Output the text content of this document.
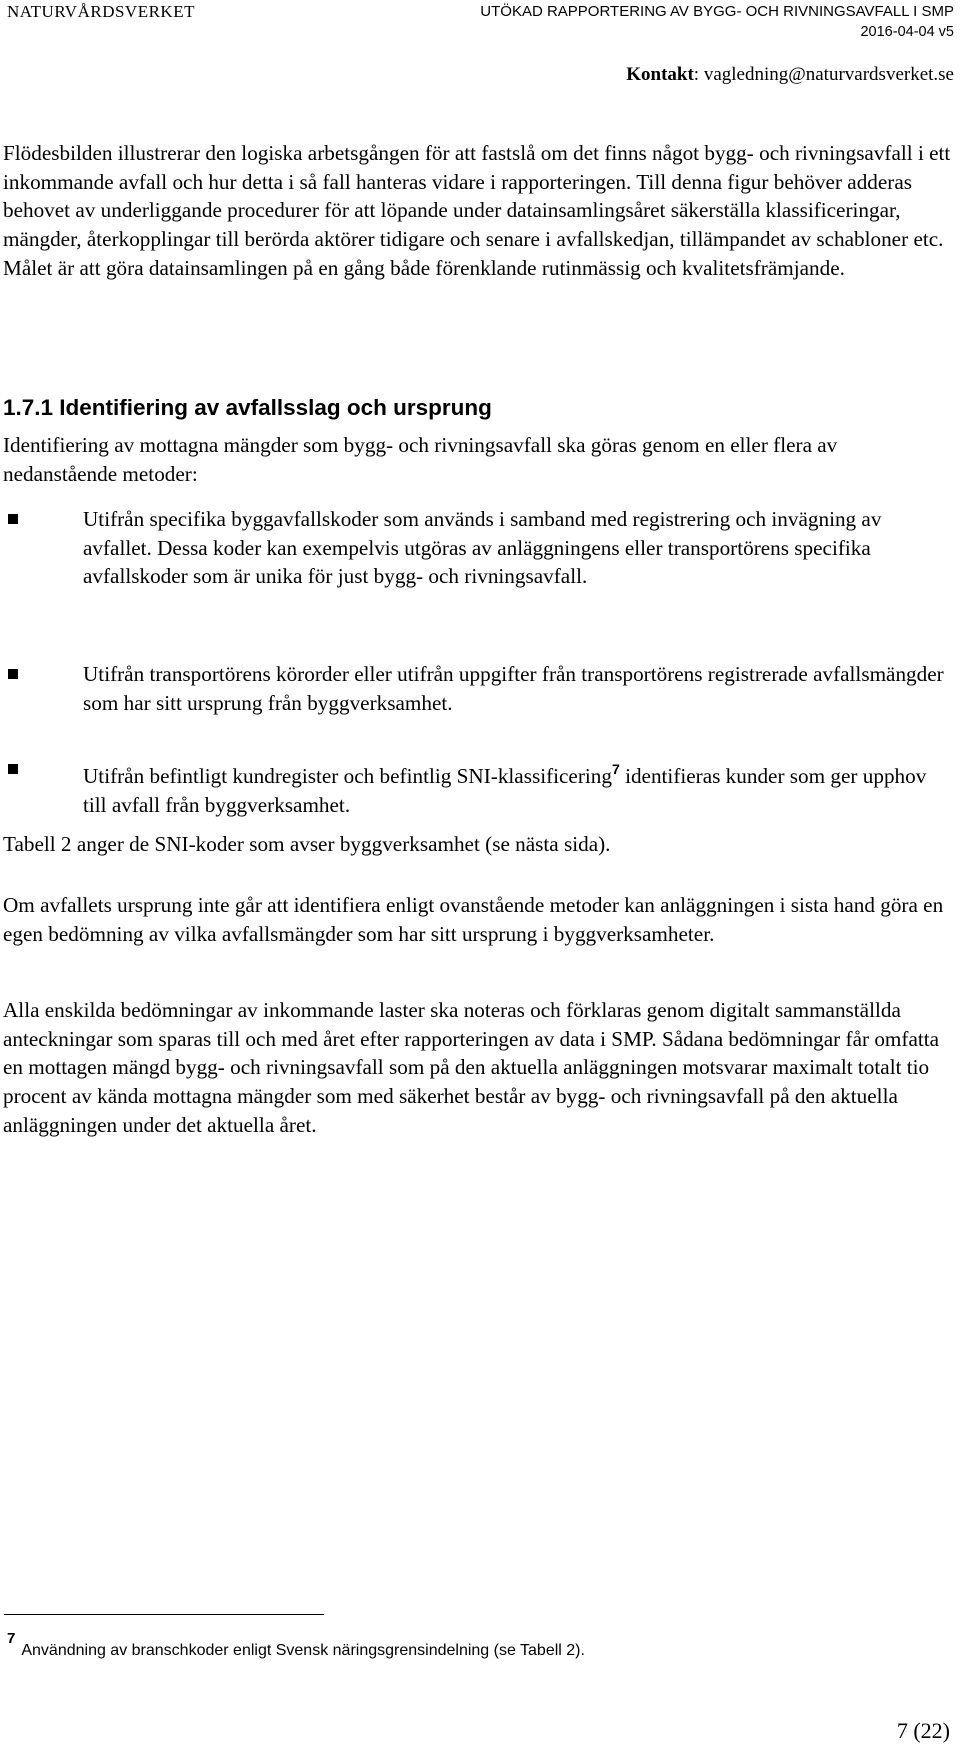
NATURVÅRDSVERKET	UTÖKAD RAPPORTERING AV BYGG- OCH RIVNINGSAVFALL I SMP
2016-04-04 v5
Kontakt: vagledning@naturvardsverket.se

Flödesbilden illustrerar den logiska arbetsgången för att fastslå om det finns något bygg- och rivningsavfall i ett inkommande avfall och hur detta i så fall hanteras vidare i rapporteringen. Till denna figur behöver adderas behovet av underliggande procedurer för att löpande under datainsamlingsåret säkerställa klassificeringar, mängder, återkopplingar till berörda aktörer tidigare och senare i avfallskedjan, tillämpandet av schabloner etc. Målet är att göra datainsamlingen på en gång både förenklande rutinmässig och kvalitetsfrämjande.

1.7.1 Identifiering av avfallsslag och ursprung

Identifiering av mottagna mängder som bygg- och rivningsavfall ska göras genom en eller flera av nedanstående metoder:

Utifrån specifika byggavfallskoder som används i samband med registrering och invägning av avfallet. Dessa koder kan exempelvis utgöras av anläggningens eller transportörens specifika avfallskoder som är unika för just bygg- och rivningsavfall.
Utifrån transportörens körorder eller utifrån uppgifter från transportörens registrerade avfallsmängder som har sitt ursprung från byggverksamhet.
Utifrån befintligt kundregister och befintlig SNI-klassificering$^7$ identifieras kunder som ger upphov till avfall från byggverksamhet.

Tabell 2 anger de SNI-koder som avser byggverksamhet (se nästa sida).

Om avfallets ursprung inte går att identifiera enligt ovanstående metoder kan anläggningen i sista hand göra en egen bedömning av vilka avfallsmängder som har sitt ursprung i byggverksamheter.

Alla enskilda bedömningar av inkommande laster ska noteras och förklaras genom digitalt sammanställda anteckningar som sparas till och med året efter rapporteringen av data i SMP. Sådana bedömningar får omfatta en mottagen mängd bygg- och rivningsavfall som på den aktuella anläggningen motsvarar maximalt totalt tio procent av kända mottagna mängder som med säkerhet består av bygg- och rivningsavfall på den aktuella anläggningen under det aktuella året.

$^7$Användning av branschkoder enligt Svensk näringsgrensindelning (se Tabell 2).
7 (22)
